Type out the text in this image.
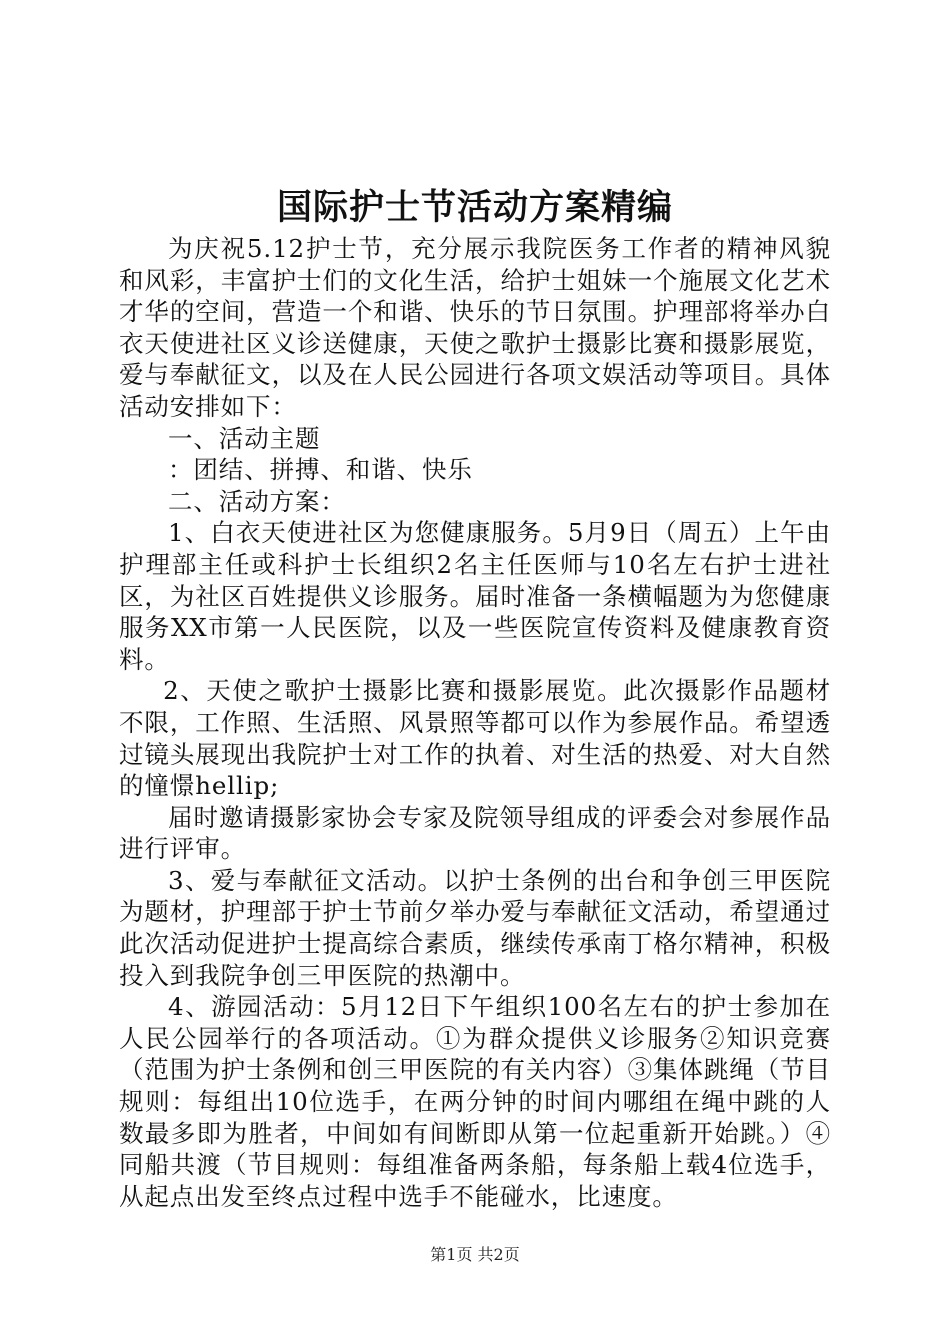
国际护士节活动方案精编

为庆祝5.12护士节，充分展示我院医务工作者的精神风貌和风彩，丰富护士们的文化生活，给护士姐妹一个施展文化艺术才华的空间，营造一个和谐、快乐的节日氛围。护理部将举办白衣天使进社区义诊送健康，天使之歌护士摄影比赛和摄影展览，爱与奉献征文，以及在人民公园进行各项文娱活动等项目。具体活动安排如下：

一、活动主题

：团结、拼搏、和谐、快乐

二、活动方案：

1、白衣天使进社区为您健康服务。5月9日（周五）上午由护理部主任或科护士长组织2名主任医师与10名左右护士进社区，为社区百姓提供义诊服务。届时准备一条横幅题为为您健康服务XX市第一人民医院，以及一些医院宣传资料及健康教育资料。

2、天使之歌护士摄影比赛和摄影展览。此次摄影作品题材不限，工作照、生活照、风景照等都可以作为参展作品。希望透过镜头展现出我院护士对工作的执着、对生活的热爱、对大自然的憧憬hellip;

届时邀请摄影家协会专家及院领导组成的评委会对参展作品进行评审。

3、爱与奉献征文活动。以护士条例的出台和争创三甲医院为题材，护理部于护士节前夕举办爱与奉献征文活动，希望通过此次活动促进护士提高综合素质，继续传承南丁格尔精神，积极投入到我院争创三甲医院的热潮中。

4、游园活动：5月12日下午组织100名左右的护士参加在人民公园举行的各项活动。①为群众提供义诊服务②知识竞赛（范围为护士条例和创三甲医院的有关内容）③集体跳绳（节目规则：每组出10位选手，在两分钟的时间内哪组在绳中跳的人数最多即为胜者，中间如有间断即从第一位起重新开始跳。）④同船共渡（节目规则：每组准备两条船，每条船上载4位选手，从起点出发至终点过程中选手不能碰水，比速度。

第1页 共2页
